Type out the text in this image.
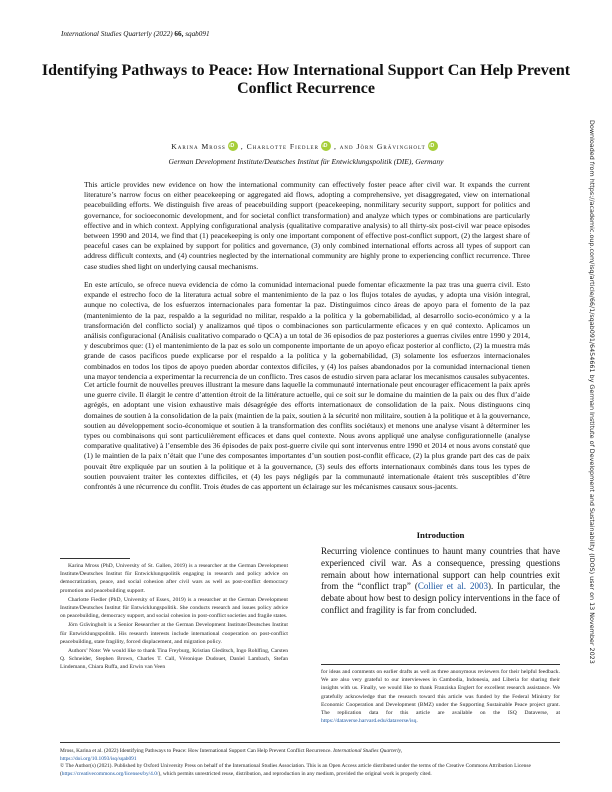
International Studies Quarterly (2022) 66, sqab091
Identifying Pathways to Peace: How International Support Can Help Prevent Conflict Recurrence
Karina Mross iD , Charlotte Fiedler iD , and Jörn GrävingholtiD
German Development Institute/Deutsches Institut für Entwicklungspolitik (DIE), Germany

This article provides new evidence on how the international community can effectively foster peace after civil war. It expands the current literature’s narrow focus on either peacekeeping or aggregated aid flows, adopting a comprehensive, yet disaggregated, view on international peacebuilding efforts. We distinguish five areas of peacebuilding support (peacekeeping, nonmilitary security support, support for politics and governance, for socioeconomic development, and for societal conflict transformation) and analyze which types or combinations are particularly effective and in which context. Applying configurational analysis (qualitative comparative analysis) to all thirty-six post-civil war peace episodes between 1990 and 2014, we find that (1) peacekeeping is only one important component of effective post-conflict support, (2) the largest share of peaceful cases can be explained by support for politics and governance, (3) only combined international efforts across all types of support can address difficult contexts, and (4) countries neglected by the international community are highly prone to experiencing conflict recurrence. Three case studies shed light on underlying causal mechanisms.

En este artículo, se ofrece nueva evidencia de cómo la comunidad internacional puede fomentar eficazmente la paz tras una guerra civil. Esto expande el estrecho foco de la literatura actual sobre el mantenimiento de la paz o los flujos totales de ayudas, y adopta una visión integral, aunque no colectiva, de los esfuerzos internacionales para fomentar la paz. Distinguimos cinco áreas de apoyo para el fomento de la paz (mantenimiento de la paz, respaldo a la seguridad no militar, respaldo a la política y la gobernabilidad, al desarrollo socio-económico y a la transformación del conflicto social) y analizamos qué tipos o combinaciones son particularmente eficaces y en qué contexto. Aplicamos un análisis configuracional (Análisis cualitativo comparado o QCA) a un total de 36 episodios de paz posteriores a guerras civiles entre 1990 y 2014, y descubrimos que: (1) el mantenimiento de la paz es solo un componente importante de un apoyo eficaz posterior al conflicto, (2) la muestra más grande de casos pacíficos puede explicarse por el respaldo a la política y la gobernabilidad, (3) solamente los esfuerzos internacionales combinados en todos los tipos de apoyo pueden abordar contextos difíciles, y (4) los países abandonados por la comunidad internacional tienen una mayor tendencia a experimentar la recurrencia de un conflicto. Tres casos de estudio sirven para aclarar los mecanismos causales subyacentes.

Cet article fournit de nouvelles preuves illustrant la mesure dans laquelle la communauté internationale peut encourager efficacement la paix après une guerre civile. Il élargit le centre d’attention étroit de la littérature actuelle, qui ce soit sur le domaine du maintien de la paix ou des flux d’aide agrégés, en adoptant une vision exhaustive mais désagrégée des efforts internationaux de consolidation de la paix. Nous distinguons cinq domaines de soutien à la consolidation de la paix (maintien de la paix, soutien à la sécurité non militaire, soutien à la politique et à la gouvernance, soutien au développement socio-économique et soutien à la transformation des conflits sociétaux) et menons une analyse visant à déterminer les types ou combinaisons qui sont particulièrement efficaces et dans quel contexte. Nous avons appliqué une analyse configurationnelle (analyse comparative qualitative) à l’ensemble des 36 épisodes de paix post-guerre civile qui sont intervenus entre 1990 et 2014 et nous avons constaté que (1) le maintien de la paix n’était que l’une des composantes importantes d’un soutien post-conflit efficace, (2) la plus grande part des cas de paix pouvait être expliquée par un soutien à la politique et à la gouvernance, (3) seuls des efforts internationaux combinés dans tous les types de soutien pouvaient traiter les contextes difficiles, et (4) les pays négligés par la communauté internationale étaient très susceptibles d’être confrontés à une récurrence du conflit. Trois études de cas apportent un éclairage sur les mécanismes causaux sous-jacents.	Downloaded from https://academic.oup.com/isq/article/66/1/sqab091/6454661 by German Institute of Development and Sustainability (IDOS) user on 13 November 2023
Introduction

Recurring violence continues to haunt many countries that have experienced civil war. As a consequence, pressing questions remain about how international support can help countries exit from the “conflict trap” (Collier et al. 2003). In particular, the debate about how best to design policy interventions in the face of conflict and fragility is far from concluded.

Karina Mross (PhD, University of St. Gallen, 2019) is a researcher at the German Development Institute/Deutsches Institut für Entwicklungspolitik engaging in research and policy advice on democratization, peace, and social cohesion after civil wars as well as post-conflict democracy promotion and peacebuilding support.

Charlotte Fiedler (PhD, University of Essex, 2019) is a researcher at the German Development Institute/Deutsches Institut für Entwicklungspolitik. She conducts research and issues policy advice on peacebuilding, democracy support, and social cohesion in post-conflict societies and fragile states.

Jörn Grävingholt is a Senior Researcher at the German Development Institute/Deutsches Institut für Entwicklungspolitik. His research interests include international cooperation on post-conflict peacebuilding, state fragility, forced displacement, and migration policy.

Authors’ Note: We would like to thank Tina Freyburg, Kristian Gleditsch, Ingo Rohlfing, Carsten Q. Schneider, Stephen Brown, Charles T. Call, Véronique Dudouet, Daniel Lambach, Stefan Lindemann, Chiara Ruffa, and Erwin van Veen

for ideas and comments on earlier drafts as well as three anonymous reviewers for their helpful feedback. We are also very grateful to our interviewees in Cambodia, Indonesia, and Liberia for sharing their insights with us. Finally, we would like to thank Franziska Englert for excellent research assistance. We gratefully acknowledge that the research toward this article was funded by the Federal Ministry for Economic Cooperation and Development (BMZ) under the Supporting Sustainable Peace project grant. The replication data for this article are available on the ISQ Dataverse, at https://dataverse.harvard.edu/dataverse/isq.

Mross, Karina et al. (2022) Identifying Pathways to Peace: How International Support Can Help Prevent Conflict Recurrence. International Studies Quarterly,
https://doi.org/10.1093/isq/sqab091
© The Author(s) (2021). Published by Oxford University Press on behalf of the International Studies Association. This is an Open Access article distributed under the terms of the Creative Commons Attribution License (https://creativecommons.org/licenses/by/4.0/), which permits unrestricted reuse, distribution, and reproduction in any medium, provided the original work is properly cited.
